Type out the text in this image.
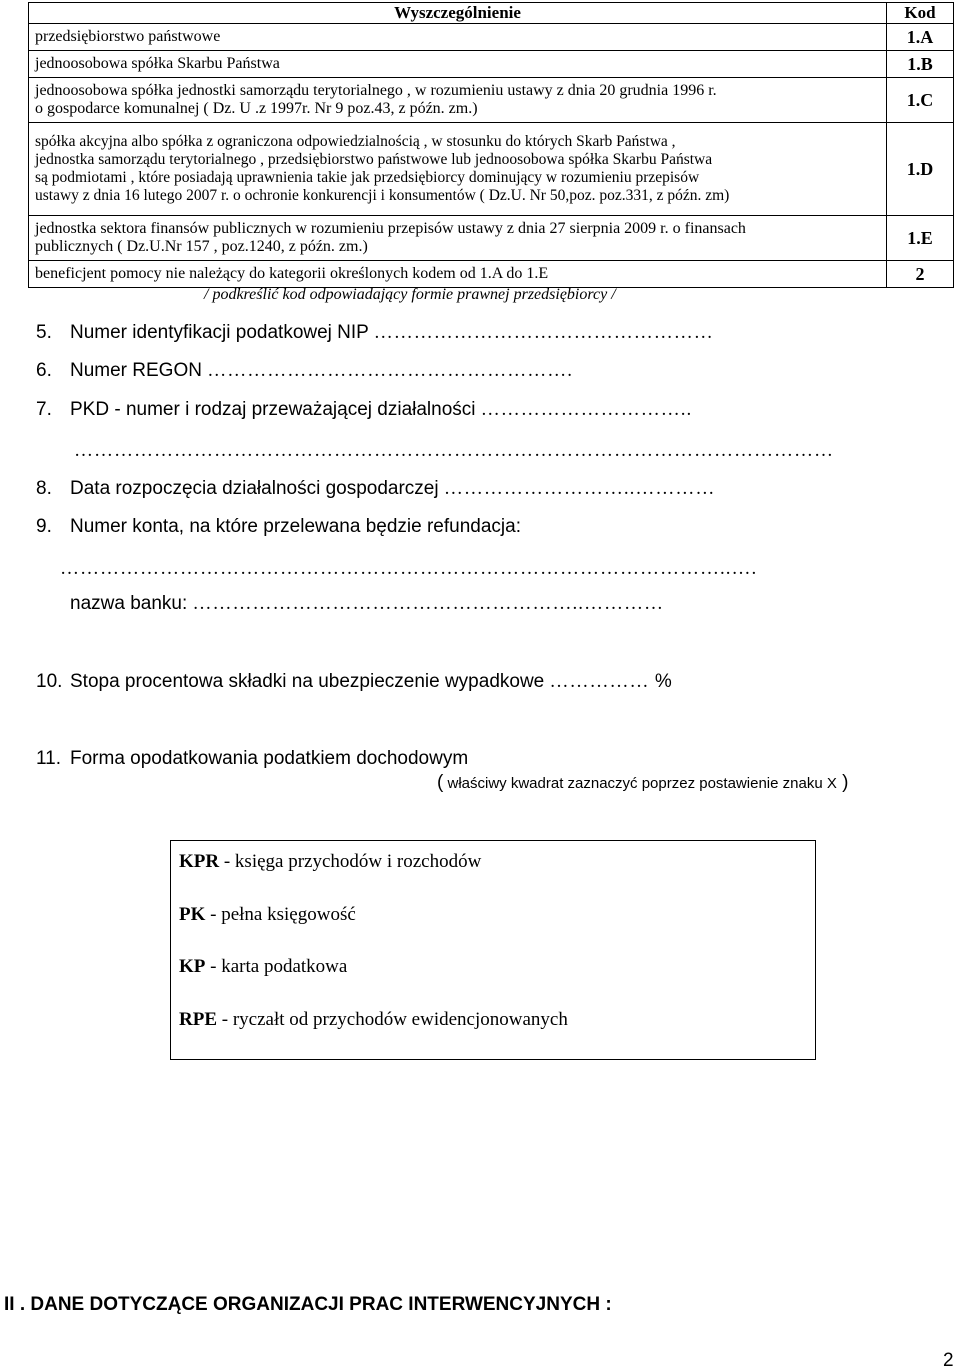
Wyszczególnienie	Kod
przedsiębiorstwo państwowe	1.A
jednoosobowa spółka Skarbu Państwa	1.B

jednoosobowa spółka jednostki samorządu terytorialnego , w rozumieniu ustawy z dnia 20 grudnia 1996 r.
o gospodarce komunalnej ( Dz. U .z 1997r. Nr 9 poz.43, z późn. zm.)	1.C

spółka akcyjna albo spółka z ograniczona odpowiedzialnością , w stosunku do których Skarb Państwa ,
jednostka samorządu terytorialnego , przedsiębiorstwo państwowe lub jednoosobowa spółka Skarbu Państwa
są podmiotami , które posiadają uprawnienia takie jak przedsiębiorcy dominujący w rozumieniu przepisów
ustawy z dnia 16 lutego 2007 r. o ochronie konkurencji i konsumentów ( Dz.U. Nr 50,poz. poz.331, z późn. zm)	1.D

jednostka sektora finansów publicznych w rozumieniu przepisów ustawy z dnia 27 sierpnia 2009 r. o finansach
publicznych ( Dz.U.Nr 157 , poz.1240, z późn. zm.)	1.E
beneficjent pomocy nie należący do kategorii określonych kodem od 1.A do 1.E	2
/ podkreślić kod odpowiadający formie prawnej przedsiębiorcy /
5. Numer identyfikacji podatkowej NIP ……………………………………………
6. Numer REGON ……………………………………………….
7. PKD - numer i rodzaj przeważającej działalności …………………………..
……………………………………………………………………………………………………
8. Data rozpoczęcia działalności gospodarczej ………………………..…………
9. Numer konta, na które przelewana będzie refundacja:
………………………………………………………………………………………..….
nazwa banku: …………………………………………………..…………
10. Stopa procentowa składki na ubezpieczenie wypadkowe …………… %
11. Forma opodatkowania podatkiem dochodowym
( właściwy kwadrat zaznaczyć poprzez postawienie znaku X )
KPR - księga przychodów i rozchodów
PK - pełna księgowość
KP - karta podatkowa
RPE - ryczałt od przychodów ewidencjonowanych
II . DANE DOTYCZĄCE ORGANIZACJI PRAC INTERWENCYJNYCH :
2
